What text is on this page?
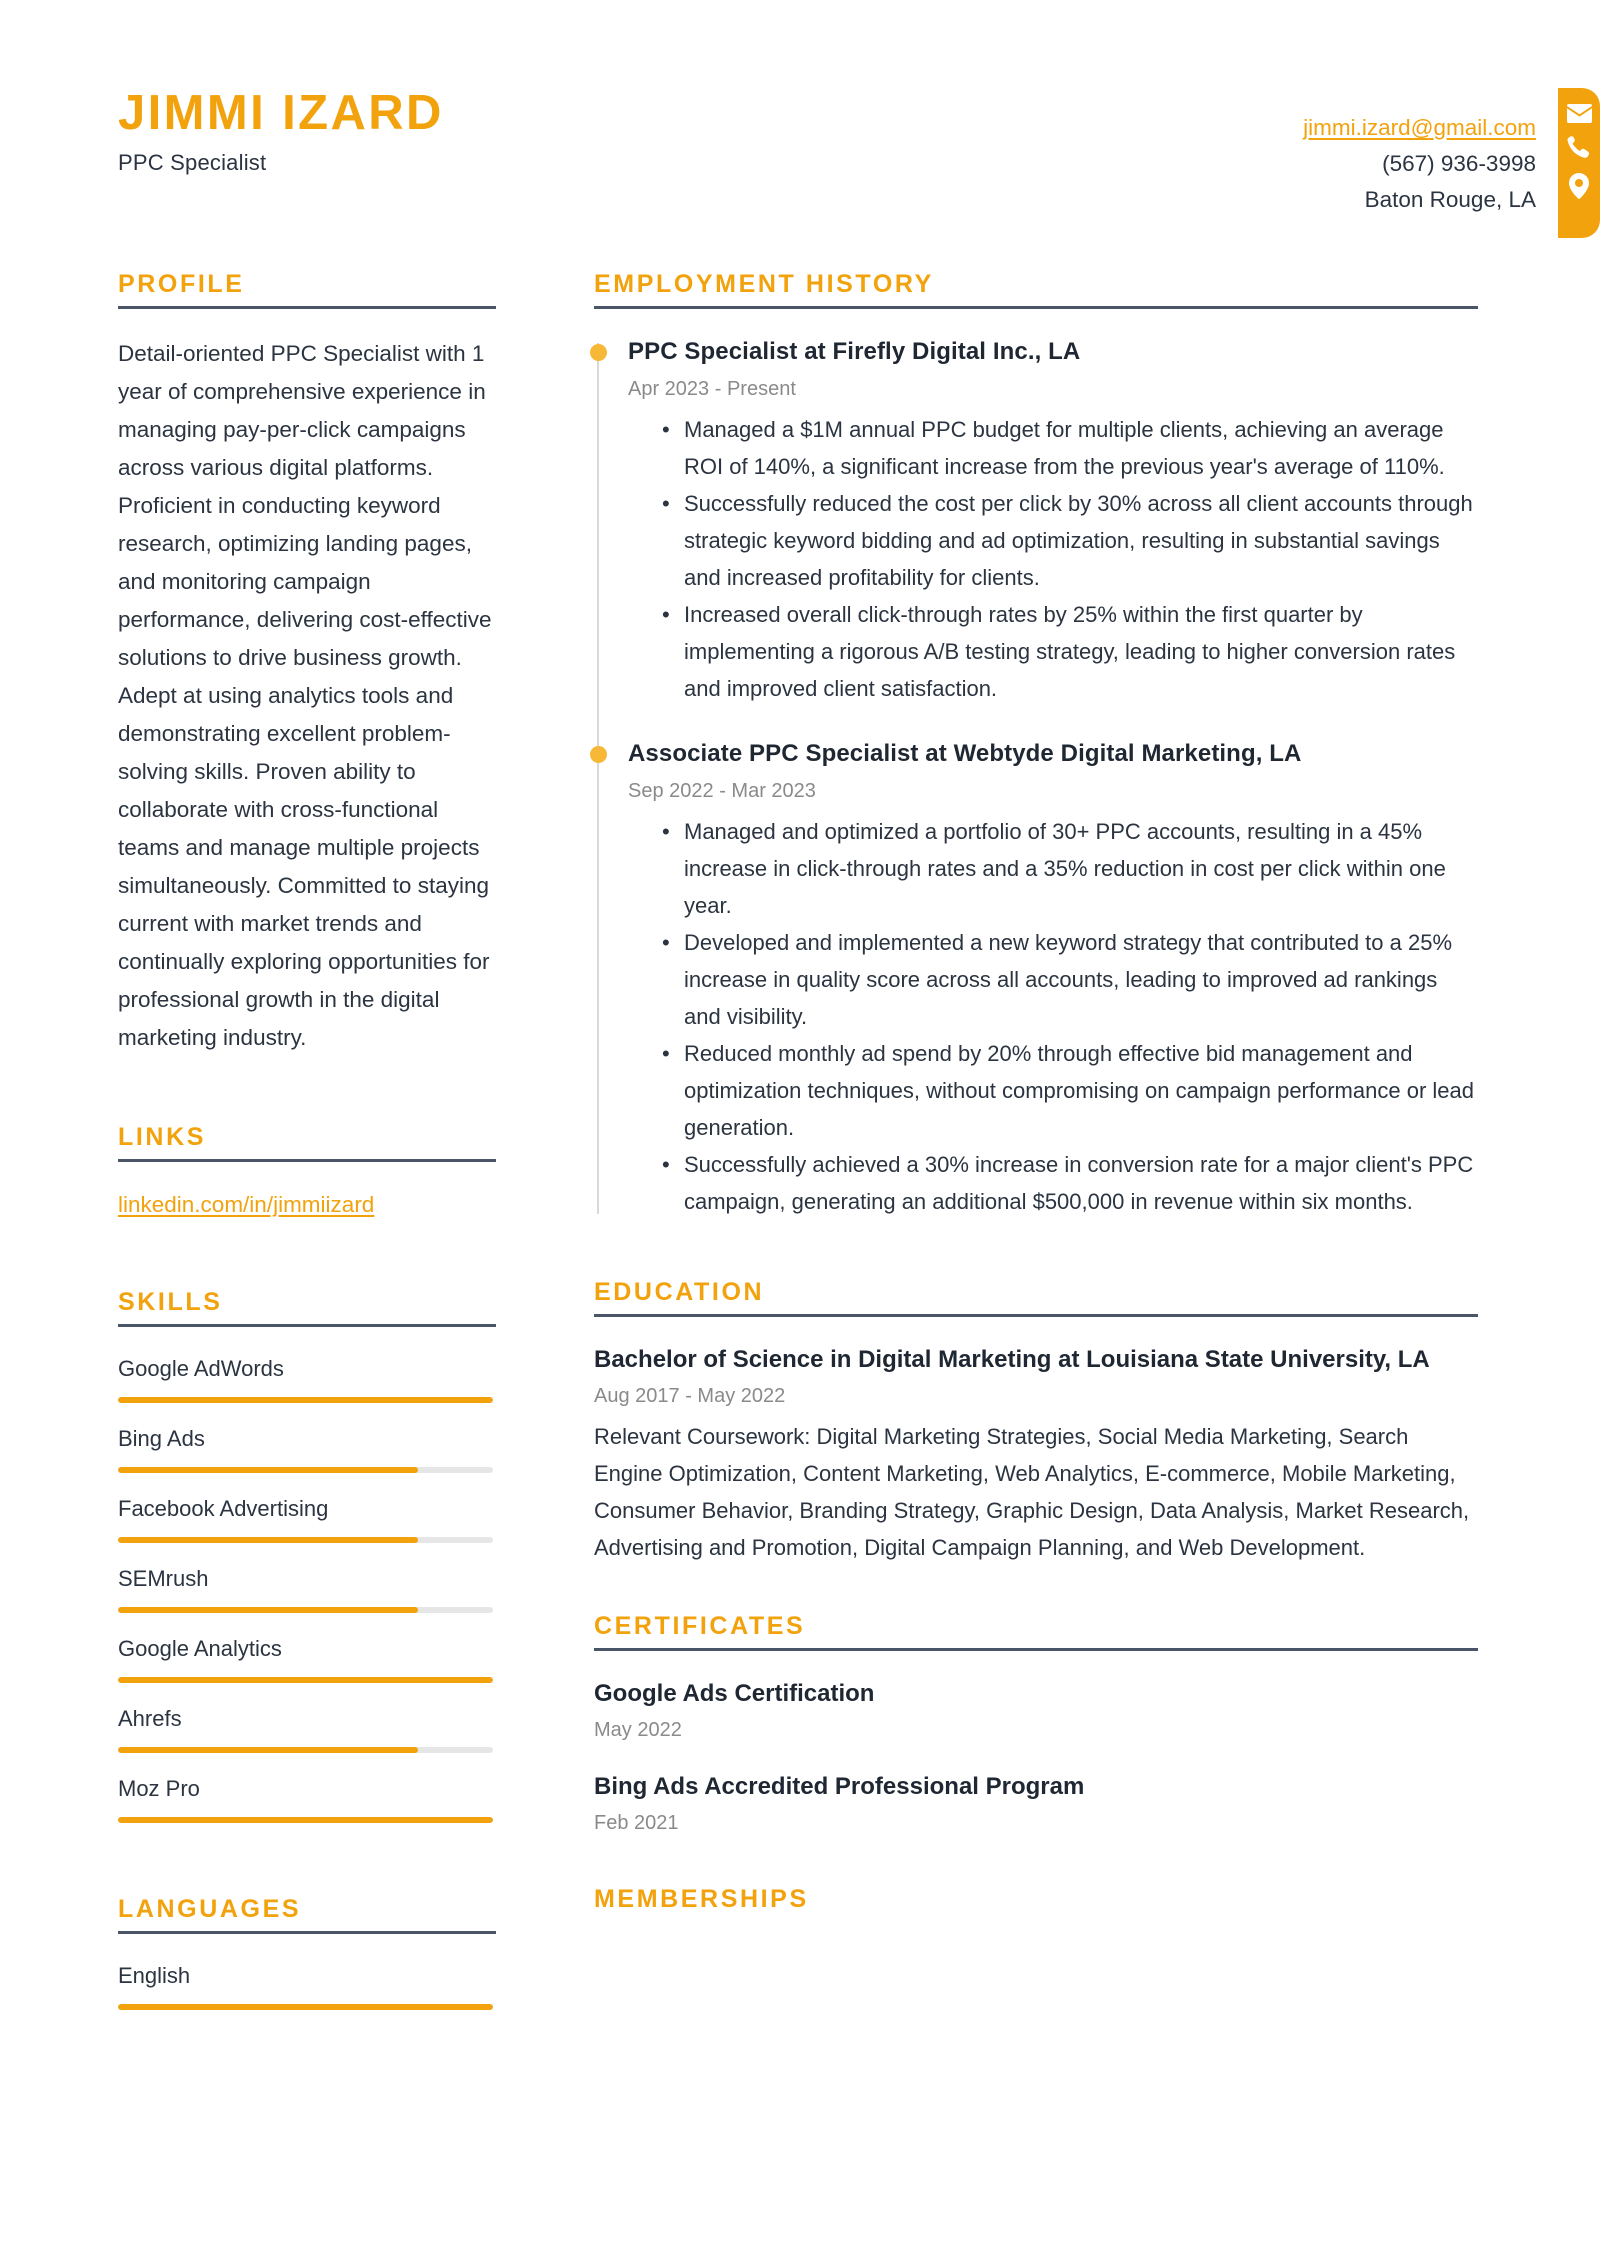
JIMMI IZARD
PPC Specialist
jimmi.izard@gmail.com
(567) 936-3998
Baton Rouge, LA
PROFILE
Detail-oriented PPC Specialist with 1 year of comprehensive experience in managing pay-per-click campaigns across various digital platforms. Proficient in conducting keyword research, optimizing landing pages, and monitoring campaign performance, delivering cost-effective solutions to drive business growth. Adept at using analytics tools and demonstrating excellent problem-solving skills. Proven ability to collaborate with cross-functional teams and manage multiple projects simultaneously. Committed to staying current with market trends and continually exploring opportunities for professional growth in the digital marketing industry.
LINKS
linkedin.com/in/jimmiizard
SKILLS
Google AdWords
Bing Ads
Facebook Advertising
SEMrush
Google Analytics
Ahrefs
Moz Pro
LANGUAGES
English
EMPLOYMENT HISTORY
PPC Specialist at Firefly Digital Inc., LA
Apr 2023 - Present
• Managed a $1M annual PPC budget for multiple clients, achieving an average ROI of 140%, a significant increase from the previous year's average of 110%.
• Successfully reduced the cost per click by 30% across all client accounts through strategic keyword bidding and ad optimization, resulting in substantial savings and increased profitability for clients.
• Increased overall click-through rates by 25% within the first quarter by implementing a rigorous A/B testing strategy, leading to higher conversion rates and improved client satisfaction.
Associate PPC Specialist at Webtyde Digital Marketing, LA
Sep 2022 - Mar 2023
• Managed and optimized a portfolio of 30+ PPC accounts, resulting in a 45% increase in click-through rates and a 35% reduction in cost per click within one year.
• Developed and implemented a new keyword strategy that contributed to a 25% increase in quality score across all accounts, leading to improved ad rankings and visibility.
• Reduced monthly ad spend by 20% through effective bid management and optimization techniques, without compromising on campaign performance or lead generation.
• Successfully achieved a 30% increase in conversion rate for a major client's PPC campaign, generating an additional $500,000 in revenue within six months.
EDUCATION
Bachelor of Science in Digital Marketing at Louisiana State University, LA
Aug 2017 - May 2022
Relevant Coursework: Digital Marketing Strategies, Social Media Marketing, Search Engine Optimization, Content Marketing, Web Analytics, E-commerce, Mobile Marketing, Consumer Behavior, Branding Strategy, Graphic Design, Data Analysis, Market Research, Advertising and Promotion, Digital Campaign Planning, and Web Development.
CERTIFICATES
Google Ads Certification
May 2022
Bing Ads Accredited Professional Program
Feb 2021
MEMBERSHIPS
